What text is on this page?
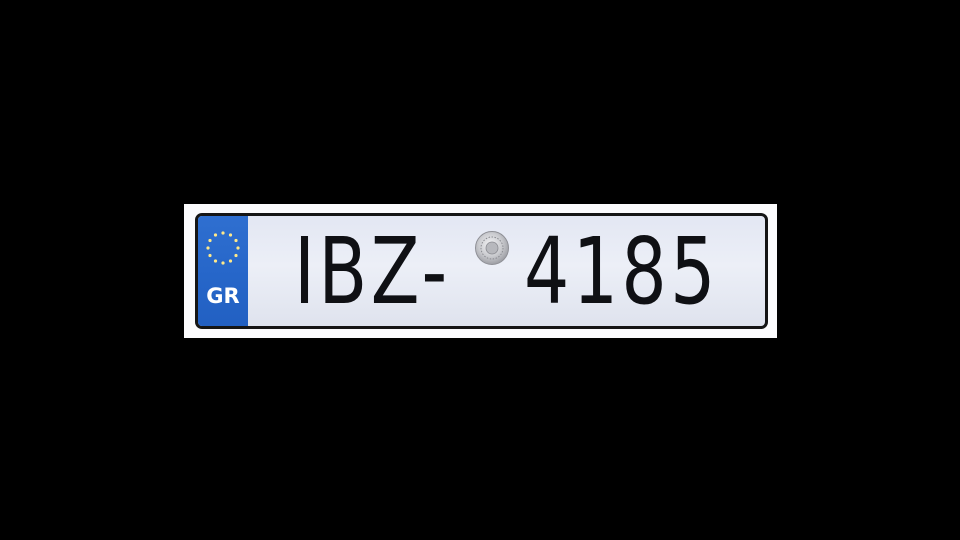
GR IBZ- 4185
